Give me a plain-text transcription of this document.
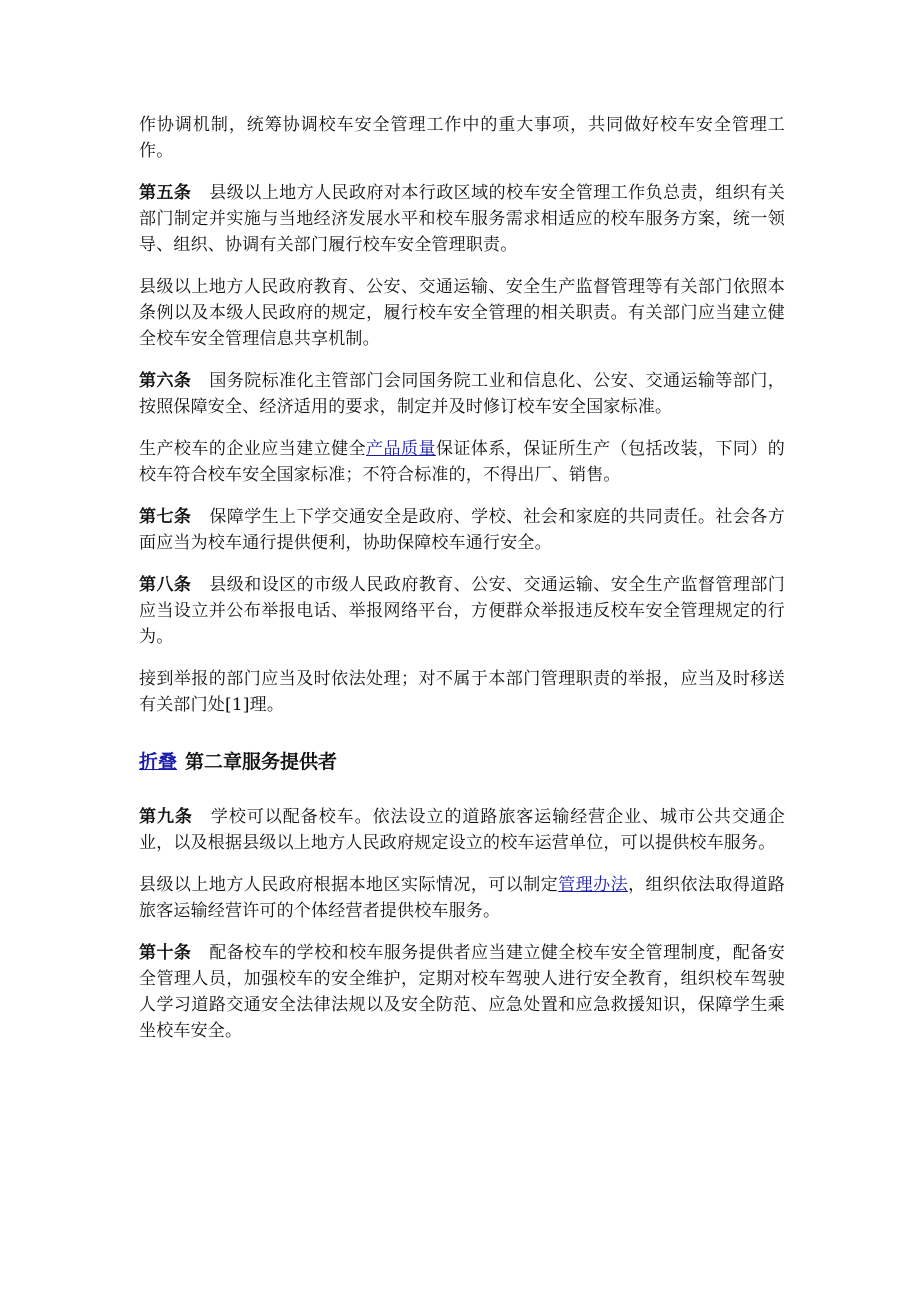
作协调机制，统筹协调校车安全管理工作中的重大事项，共同做好校车安全管理工作。

第五条 县级以上地方人民政府对本行政区域的校车安全管理工作负总责，组织有关部门制定并实施与当地经济发展水平和校车服务需求相适应的校车服务方案，统一领导、组织、协调有关部门履行校车安全管理职责。

县级以上地方人民政府教育、公安、交通运输、安全生产监督管理等有关部门依照本条例以及本级人民政府的规定，履行校车安全管理的相关职责。有关部门应当建立健全校车安全管理信息共享机制。

第六条 国务院标准化主管部门会同国务院工业和信息化、公安、交通运输等部门，按照保障安全、经济适用的要求，制定并及时修订校车安全国家标准。

生产校车的企业应当建立健全产品质量保证体系，保证所生产（包括改装，下同）的校车符合校车安全国家标准；不符合标准的，不得出厂、销售。

第七条 保障学生上下学交通安全是政府、学校、社会和家庭的共同责任。社会各方面应当为校车通行提供便利，协助保障校车通行安全。

第八条 县级和设区的市级人民政府教育、公安、交通运输、安全生产监督管理部门应当设立并公布举报电话、举报网络平台，方便群众举报违反校车安全管理规定的行为。

接到举报的部门应当及时依法处理；对不属于本部门管理职责的举报，应当及时移送有关部门处[1]理。

折叠 第二章服务提供者

第九条 学校可以配备校车。依法设立的道路旅客运输经营企业、城市公共交通企业，以及根据县级以上地方人民政府规定设立的校车运营单位，可以提供校车服务。

县级以上地方人民政府根据本地区实际情况，可以制定管理办法，组织依法取得道路旅客运输经营许可的个体经营者提供校车服务。

第十条 配备校车的学校和校车服务提供者应当建立健全校车安全管理制度，配备安全管理人员，加强校车的安全维护，定期对校车驾驶人进行安全教育，组织校车驾驶人学习道路交通安全法律法规以及安全防范、应急处置和应急救援知识，保障学生乘坐校车安全。
